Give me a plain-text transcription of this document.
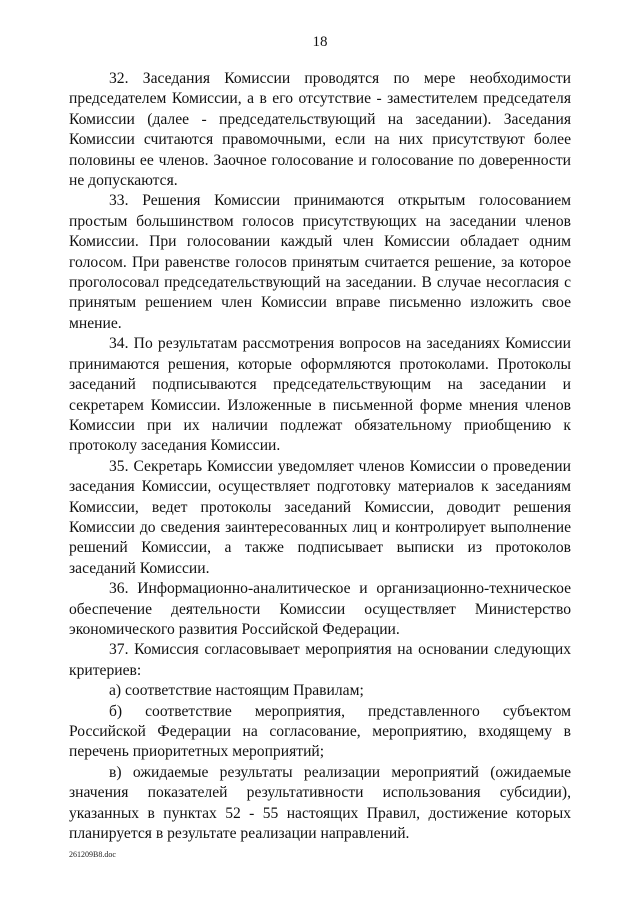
18

32. Заседания Комиссии проводятся по мере необходимости председателем Комиссии, а в его отсутствие - заместителем председателя Комиссии (далее - председательствующий на заседании). Заседания Комиссии считаются правомочными, если на них присутствуют более половины ее членов. Заочное голосование и голосование по доверенности не допускаются.

33. Решения Комиссии принимаются открытым голосованием простым большинством голосов присутствующих на заседании членов Комиссии. При голосовании каждый член Комиссии обладает одним голосом. При равенстве голосов принятым считается решение, за которое проголосовал председательствующий на заседании. В случае несогласия с принятым решением член Комиссии вправе письменно изложить свое мнение.

34. По результатам рассмотрения вопросов на заседаниях Комиссии принимаются решения, которые оформляются протоколами. Протоколы заседаний подписываются председательствующим на заседании и секретарем Комиссии. Изложенные в письменной форме мнения членов Комиссии при их наличии подлежат обязательному приобщению к протоколу заседания Комиссии.

35. Секретарь Комиссии уведомляет членов Комиссии о проведении заседания Комиссии, осуществляет подготовку материалов к заседаниям Комиссии, ведет протоколы заседаний Комиссии, доводит решения Комиссии до сведения заинтересованных лиц и контролирует выполнение решений Комиссии, а также подписывает выписки из протоколов заседаний Комиссии.

36. Информационно-аналитическое и организационно-техническое обеспечение деятельности Комиссии осуществляет Министерство экономического развития Российской Федерации.

37. Комиссия согласовывает мероприятия на основании следующих критериев:

а) соответствие настоящим Правилам;

б) соответствие мероприятия, представленного субъектом Российской Федерации на согласование, мероприятию, входящему в перечень приоритетных мероприятий;

в) ожидаемые результаты реализации мероприятий (ожидаемые значения показателей результативности использования субсидии), указанных в пунктах 52 - 55 настоящих Правил, достижение которых планируется в результате реализации направлений.

261209В8.doc
